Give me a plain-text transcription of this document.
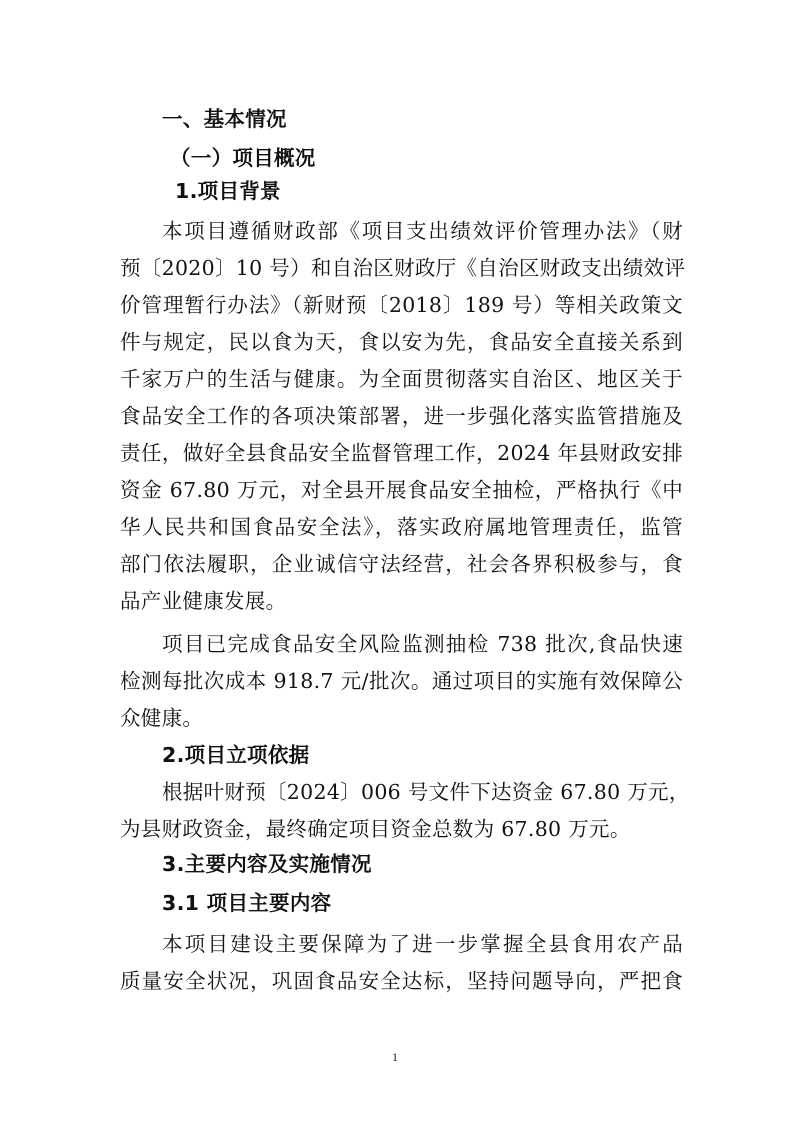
一、基本情况
（一）项目概况
1.项目背景
本项目遵循财政部《项目支出绩效评价管理办法》（财
预〔2020〕10 号）和自治区财政厅《自治区财政支出绩效评
价管理暂行办法》（新财预〔2018〕189 号）等相关政策文
件与规定，民以食为天，食以安为先，食品安全直接关系到
千家万户的生活与健康。为全面贯彻落实自治区、地区关于
食品安全工作的各项决策部署，进一步强化落实监管措施及
责任，做好全县食品安全监督管理工作，2024 年县财政安排
资金 67.80 万元，对全县开展食品安全抽检，严格执行《中
华人民共和国食品安全法》，落实政府属地管理责任，监管
部门依法履职，企业诚信守法经营，社会各界积极参与，食
品产业健康发展。
项目已完成食品安全风险监测抽检 738 批次,食品快速
检测每批次成本 918.7 元/批次。通过项目的实施有效保障公
众健康。
2.项目立项依据
根据叶财预〔2024〕006 号文件下达资金 67.80 万元，
为县财政资金，最终确定项目资金总数为 67.80 万元。
3.主要内容及实施情况
3.1 项目主要内容
本项目建设主要保障为了进一步掌握全县食用农产品
质量安全状况，巩固食品安全达标，坚持问题导向，严把食
1
